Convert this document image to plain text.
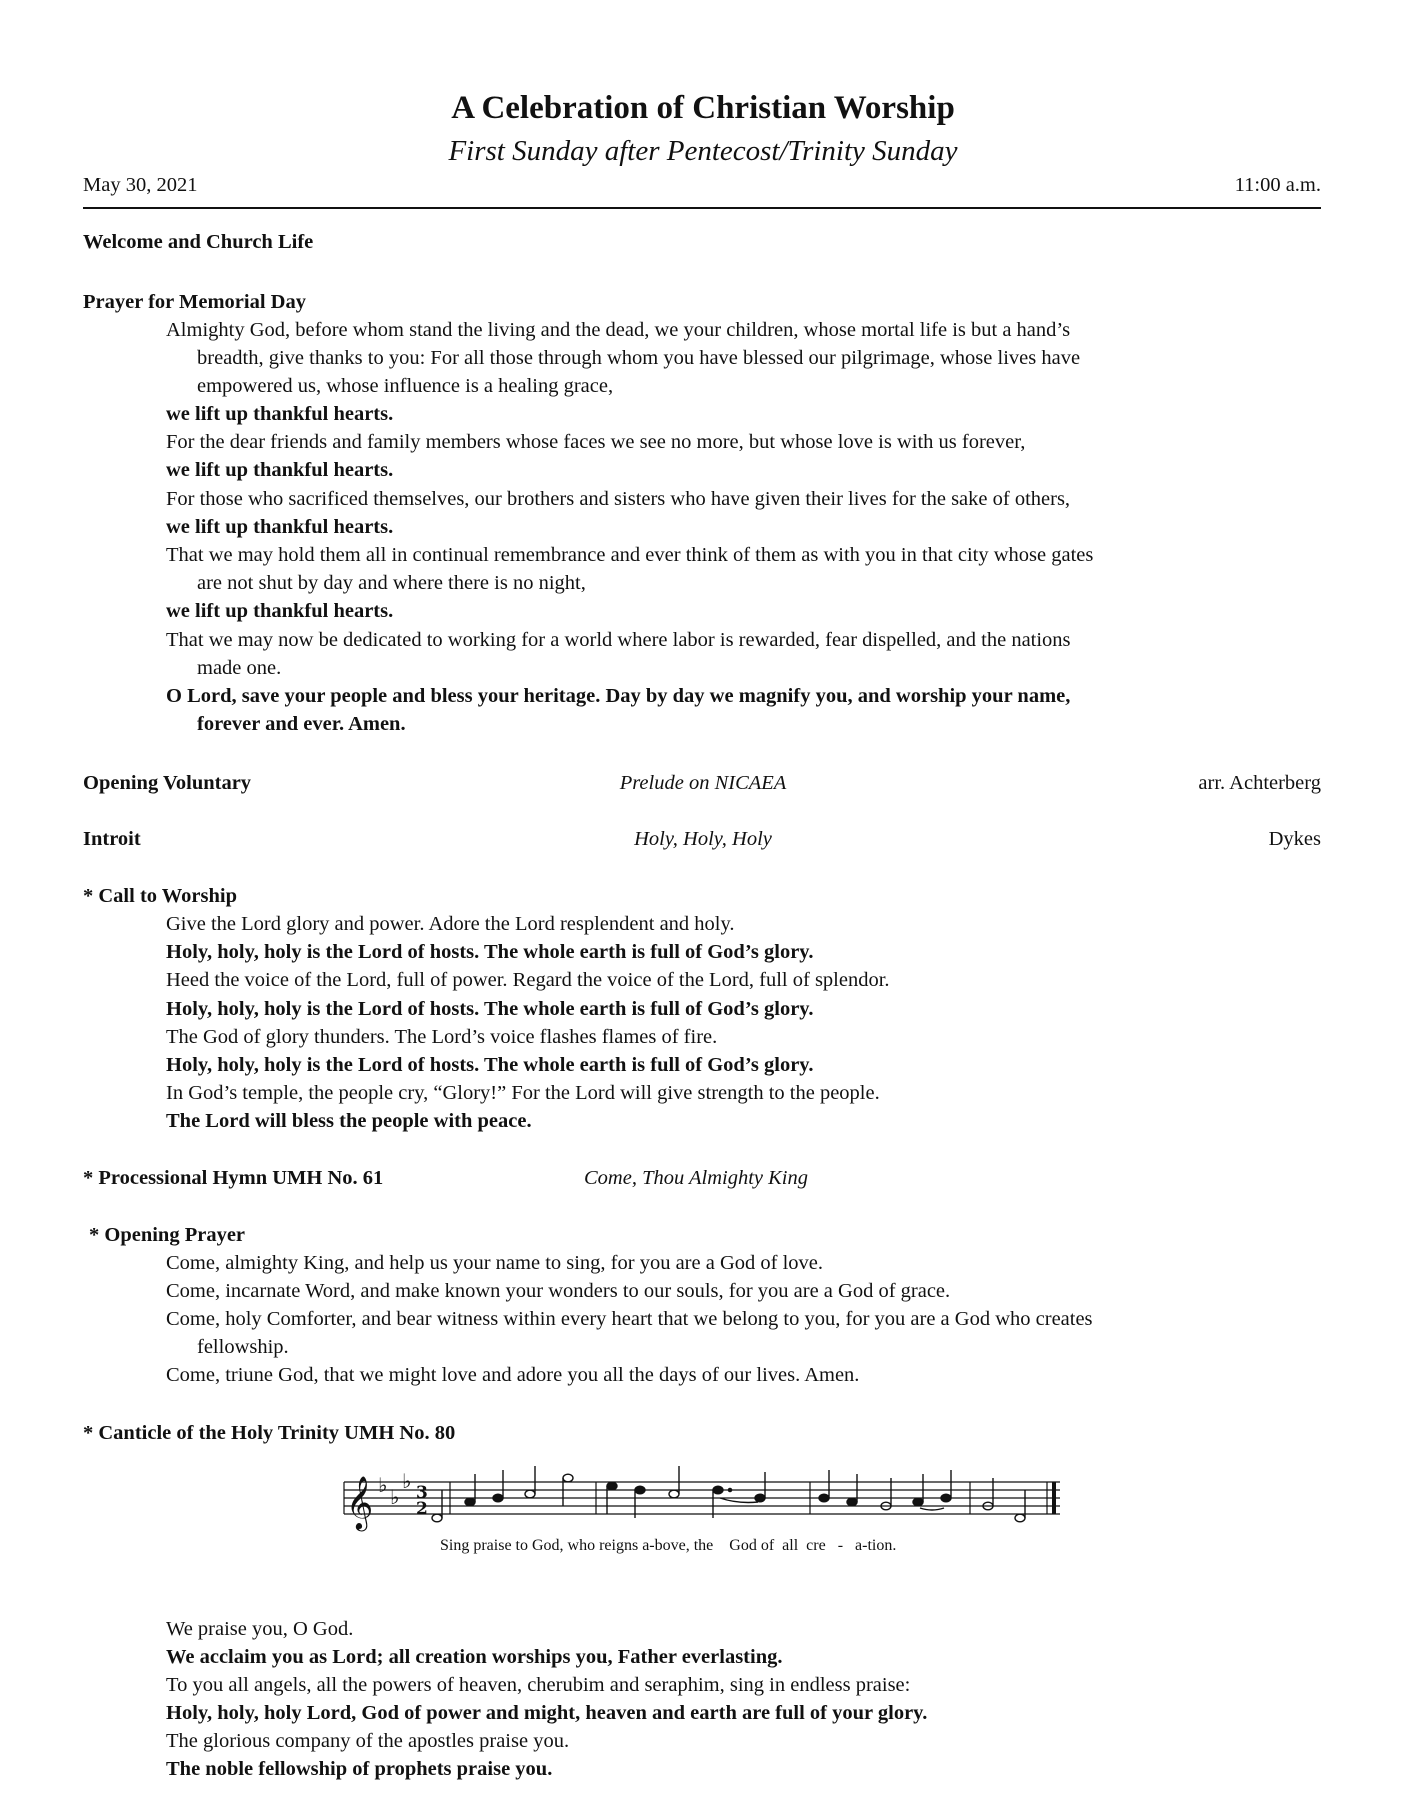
A Celebration of Christian Worship
First Sunday after Pentecost/Trinity Sunday
May 30, 2021	11:00 a.m.
Welcome and Church Life
Prayer for Memorial Day
Almighty God, before whom stand the living and the dead, we your children, whose mortal life is but a hand’s
breadth, give thanks to you: For all those through whom you have blessed our pilgrimage, whose lives have
empowered us, whose influence is a healing grace,
we lift up thankful hearts.
For the dear friends and family members whose faces we see no more, but whose love is with us forever,
we lift up thankful hearts.
For those who sacrificed themselves, our brothers and sisters who have given their lives for the sake of others,
we lift up thankful hearts.
That we may hold them all in continual remembrance and ever think of them as with you in that city whose gates
are not shut by day and where there is no night,
we lift up thankful hearts.
That we may now be dedicated to working for a world where labor is rewarded, fear dispelled, and the nations
made one.
O Lord, save your people and bless your heritage. Day by day we magnify you, and worship your name,
forever and ever. Amen.
Opening Voluntary	Prelude on NICAEA	arr. Achterberg
Introit	Holy, Holy, Holy	Dykes
* Call to Worship
Give the Lord glory and power. Adore the Lord resplendent and holy.
Holy, holy, holy is the Lord of hosts. The whole earth is full of God’s glory.
Heed the voice of the Lord, full of power. Regard the voice of the Lord, full of splendor.
Holy, holy, holy is the Lord of hosts. The whole earth is full of God’s glory.
The God of glory thunders. The Lord’s voice flashes flames of fire.
Holy, holy, holy is the Lord of hosts. The whole earth is full of God’s glory.
In God’s temple, the people cry, “Glory!” For the Lord will give strength to the people.
The Lord will bless the people with peace.
* Processional Hymn UMH No. 61	Come, Thou Almighty King
* Opening Prayer
Come, almighty King, and help us your name to sing, for you are a God of love.
Come, incarnate Word, and make known your wonders to our souls, for you are a God of grace.
Come, holy Comforter, and bear witness within every heart that we belong to you, for you are a God who creates
fellowship.
Come, triune God, that we might love and adore you all the days of our lives. Amen.
* Canticle of the Holy Trinity UMH No. 80
𝄞 ♭ ♭
♭ 3
2
Sing praise to God, who reigns a-bove, the    God of  all  cre   -   a-tion.
We praise you, O God.
We acclaim you as Lord; all creation worships you, Father everlasting.
To you all angels, all the powers of heaven, cherubim and seraphim, sing in endless praise:
Holy, holy, holy Lord, God of power and might, heaven and earth are full of your glory.
The glorious company of the apostles praise you.
The noble fellowship of prophets praise you.
